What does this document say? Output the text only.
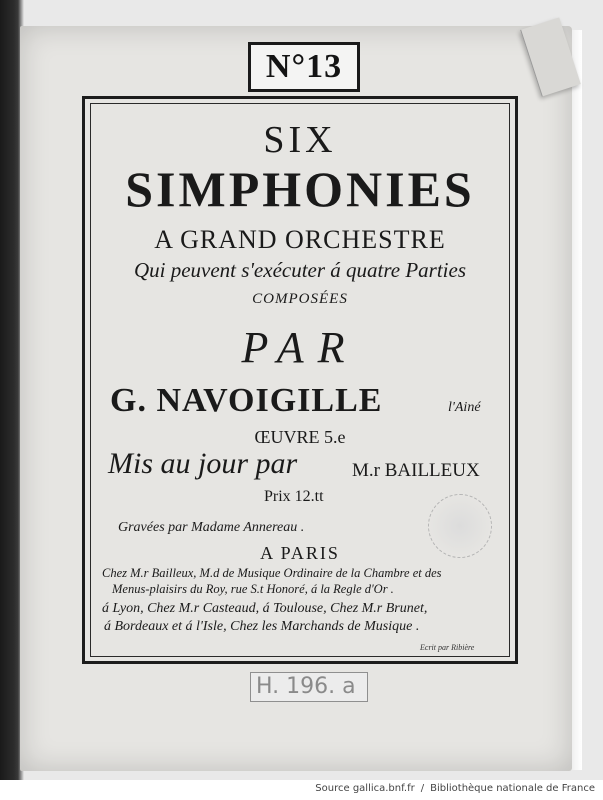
N°13
SIX
SIMPHONIES
A GRAND ORCHESTRE
Qui peuvent s'exécuter á quatre Parties
COMPOSÉES
PAR
G. NAVOIGILLE	l'Ainé
ŒUVRE 5.e
Mis au jour par	M.r BAILLEUX
Prix 12.tt
Gravées par Madame Annereau .
A PARIS
Chez M.r Bailleux, M.d de Musique Ordinaire de la Chambre et des
Menus-plaisirs du Roy, rue S.t Honoré, á la Regle d'Or .
á Lyon, Chez M.r Casteaud, á Toulouse, Chez M.r Brunet,
á Bordeaux et á l'Isle, Chez les Marchands de Musique .
Ecrit par Ribière
H. 196. a
Source gallica.bnf.fr / Bibliothèque nationale de France
